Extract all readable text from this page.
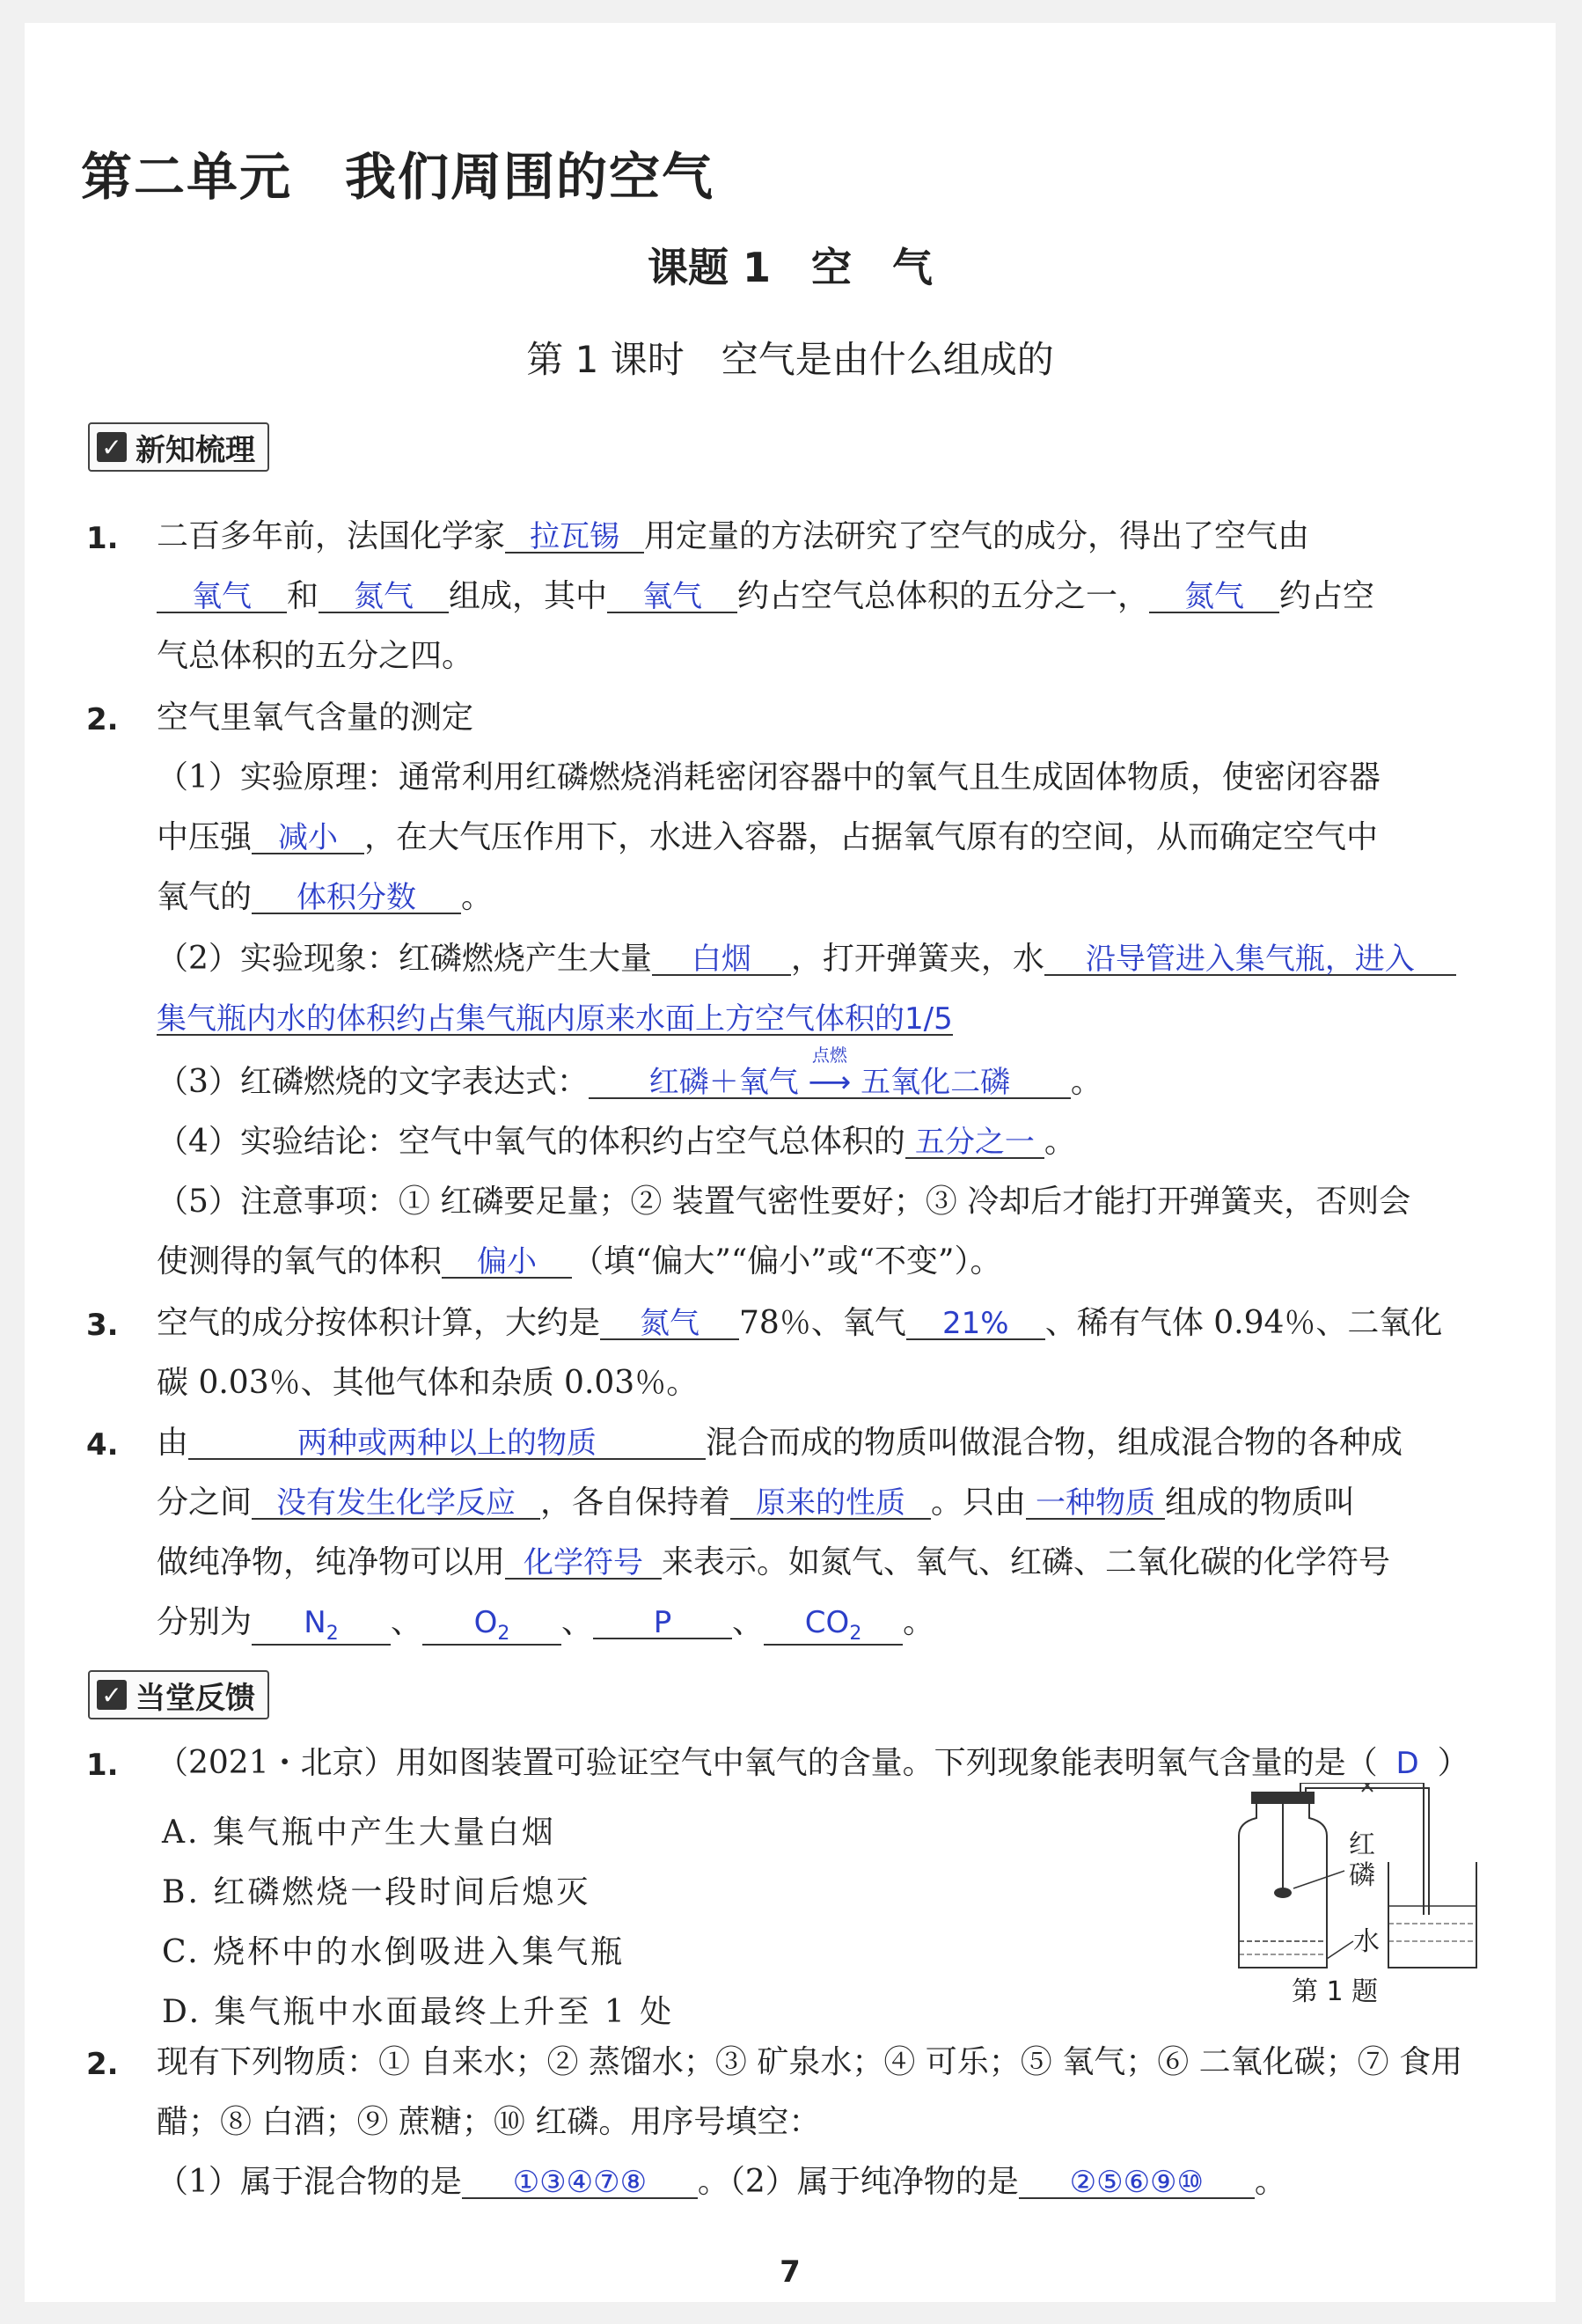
第二单元　我们周围的空气
课题 1　空　气
第 1 课时　空气是由什么组成的
✓ 新知梳理
1. 二百多年前，法国化学家 拉瓦锡 用定量的方法研究了空气的成分，得出了空气由
氧气 和 氮气 组成，其中 氧气 约占空气总体积的五分之一， 氮气 约占空
气总体积的五分之四。
2. 空气里氧气含量的测定
（1）实验原理：通常利用红磷燃烧消耗密闭容器中的氧气且生成固体物质，使密闭容器
中压强 减小 ，在大气压作用下，水进入容器，占据氧气原有的空间，从而确定空气中
氧气的 体积分数 。
（2）实验现象：红磷燃烧产生大量 白烟 ，打开弹簧夹，水 沿导管进入集气瓶，进入
集气瓶内水的体积约占集气瓶内原来水面上方空气体积的1/5
（3）红磷燃烧的文字表达式： 红磷＋氧气
点燃
⟶ 五氧化二磷 。
（4）实验结论：空气中氧气的体积约占空气总体积的 五分之一 。
（5）注意事项：① 红磷要足量；② 装置气密性要好；③ 冷却后才能打开弹簧夹，否则会
使测得的氧气的体积 偏小 （填“偏大”“偏小”或“不变”）。
3. 空气的成分按体积计算，大约是 氮气 78％、氧气 21% 、稀有气体 0.94％、二氧化
碳 0.03％、其他气体和杂质 0.03％。
4. 由	两种或两种以上的物质	混合而成的物质叫做混合物，组成混合物的各种成
分之间 没有发生化学反应 ，各自保持着 原来的性质 。只由 一种物质 组成的物质叫
做纯净物，纯净物可以用 化学符号 来表示。如氮气、氧气、红磷、二氧化碳的化学符号
分别为 $N_2$ 、 $O_2$ 、 P 、 $CO_2$ 。
✓ 当堂反馈
1. （2021・北京）用如图装置可验证空气中氧气的含量。下列现象能表明氧气含量的是（ D ）
A. 集气瓶中产生大量白烟
B. 红磷燃烧一段时间后熄灭
C. 烧杯中的水倒吸进入集气瓶
D. 集气瓶中水面最终上升至 1 处
红
磷
水
第 1 题
2. 现有下列物质：① 自来水；② 蒸馏水；③ 矿泉水；④ 可乐；⑤ 氧气；⑥ 二氧化碳；⑦ 食用
醋；⑧ 白酒；⑨ 蔗糖；⑩ 红磷。用序号填空：
（1）属于混合物的是 ①③④⑦⑧ 。（2）属于纯净物的是 ②⑤⑥⑨⑩ 。
7
